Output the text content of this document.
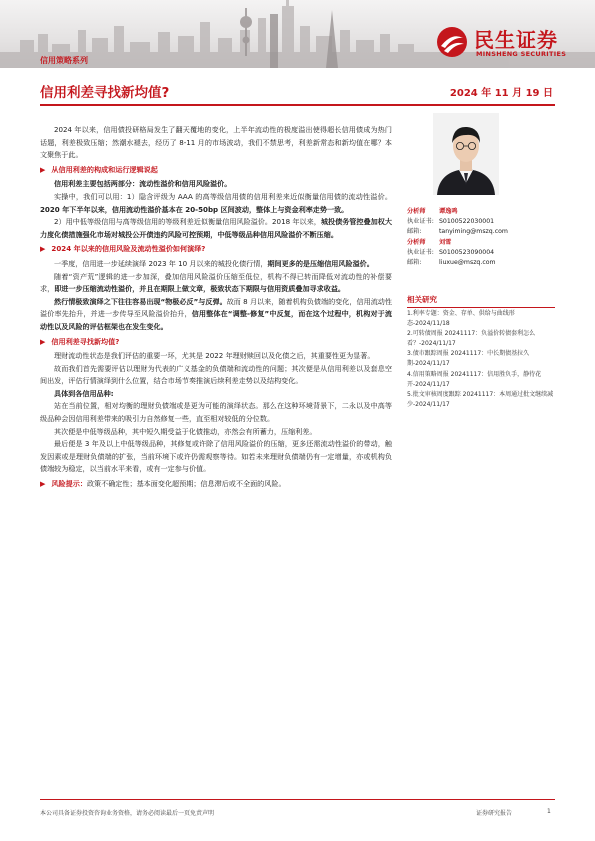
民生证券
MINSHENG SECURITIES
信用策略系列
信用利差寻找新均值?	2024 年 11 月 19 日

2024 年以来，信用债投研格局发生了翻天覆地的变化，上半年流动性的极度溢出使得超长信用债成为热门话题，利差极致压缩；然潮水褪去，经历了 8-11 月的市场波动，我们不禁思考，利差新常态和新均值在哪？本文聚焦于此。

▶ 从信用利差的构成和运行逻辑说起

信用利差主要包括两部分：流动性溢价和信用风险溢价。

实操中，我们可以用：1）隐含评级为 AAA 的高等级信用债的信用利差来近似衡量信用债的流动性溢价。2020 年下半年以来，信用流动性溢价基本在 20-50bp 区间波动，整体上与资金利率走势一致。

2）用中低等级信用与高等级信用的等级利差近似衡量信用风险溢价。2018 年以来，城投债务管控叠加权大力度化债措施强化市场对城投公开债违约风险可控预期，中低等级品种信用风险溢价不断压缩。

▶ 2024 年以来的信用风险及流动性溢价如何演绎?

一季度，信用进一步延续演绎 2023 年 10 月以来的城投化债行情，期间更多的是压缩信用风险溢价。

随着“资产荒”逻辑的进一步加深，叠加信用风险溢价压缩至低位，机构不得已转而降低对流动性的补偿要求，即进一步压缩流动性溢价，并且在期限上做文章，极致状态下期限与信用资质叠加寻求收益。

然行情极致演绎之下往往容易出现“物极必反”与反弹。故而 8 月以来，随着机构负债端的变化，信用流动性溢价率先抬升，并进一步传导至风险溢价抬升，信用整体在“调整-修复”中反复，而在这个过程中，机构对于流动性以及风险的评估框架也在发生变化。

▶ 信用利差寻找新均值?

理财流动性状态是我们评估的重要一环，尤其是 2022 年理财赎回以及化债之后，其重要性更为显著。

故而我们首先需要评估以理财为代表的广义基金的负债端和流动性的问题；其次便是从信用利差以及套息空间出发，评估行情演绎到什么位置，结合市场节奏推演后续利差走势以及结构变化。

具体到各信用品种:

站在当前位置，相对均衡的理财负债端或是更为可能的演绎状态。那么在这种环境背景下，二永以及中高等级品种会因信用利差带来的吸引力自然修复一些，直至相对较低的分位数。

其次便是中低等级品种，其中短久期受益于化债推动，亦然会有所蓄力，压缩利差。

最后便是 3 年及以上中低等级品种，其修复或许除了信用风险溢价的压缩，更多还需流动性溢价的带动，触发因素或是理财负债端的扩张，当前环境下或许仍需观察等待。如若未来理财负债端仍有一定增量，亦或机构负债端较为稳定，以当前水平来看，或有一定参与价值。

▶ 风险提示：政策不确定性；基本面变化超预期；信息滞后或不全面的风险。

分析师 谭逸鸣
执业证书: S0100522030001
邮箱:	tanyiming@mszq.com
分析师 刘雪
执业证书: S0100523090004
邮箱:	liuxue@mszq.com
相关研究
1.利率专题：资金、存单、供给与曲线形态-2024/11/18
2.可转债周报 20241117：负溢价转债套利怎么看？-2024/11/17
3.债市跟踪周报 20241117：中长期债基拉久期-2024/11/17
4.信用策略周报 20241117：信用胜负手，静待花开-2024/11/17
5.批文审核周度跟踪 20241117：本周通过批文继续减少-2024/11/17
本公司具备证券投资咨询业务资格，请务必阅读最后一页免责声明	证券研究报告	1
